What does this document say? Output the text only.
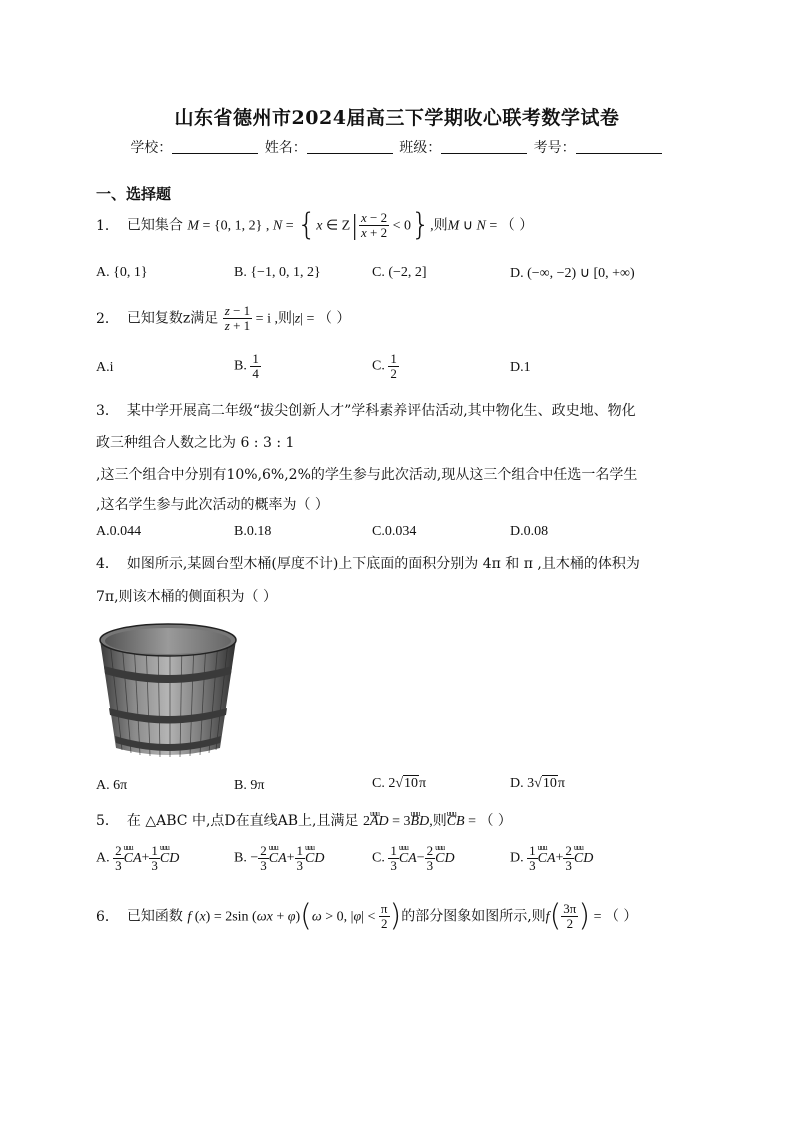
山东省德州市2024届高三下学期收心联考数学试卷
学校：	姓名：	班级：	考号：
一、选择题
1． 已知集合 M = {0, 1, 2} , N = {x ∈ $Z| \frac{x - 2}{x + 2} < 0$},则M ∪ N = （ ）
A. {0, 1}	B. {−1, 0, 1, 2}	C. (−2, 2]	D. (−∞, −2) ∪ [0, +∞)
2． 已知复数z满足 $\frac{z - 1}{z + 1} = i$ ,则|z| = （ ）
A.i	B. $\frac{1}{4}$	C. $\frac{1}{2}$	D.1
3． 某中学开展高二年级“拔尖创新人才”学科素养评估活动,其中物化生、政史地、物化
政三种组合人数之比为 6 : 3 : 1
,这三个组合中分别有10%,6%,2%的学生参与此次活动,现从这三个组合中任选一名学生
,这名学生参与此次活动的概率为（ ）
A.0.044	B.0.18	C.0.034	D.0.08
4． 如图所示,某圆台型木桶(厚度不计)上下底面的面积分别为 4π 和 π ,且木桶的体积为
7π,则该木桶的侧面积为（ ）
A. 6π	B. 9π	C. 2√10π	D. 3√10π
5． 在 △ABC 中,点D在直线AB上,且满足 2uuu AD = 3uuu BD,则uuu CB = （ ）
A. $\frac{2}{3}$ uuu $CA+ \frac{1}{3}$ uuu CD	B. − $\frac{2}{3}$ uuu $CA+ \frac{1}{3}$ uuu CD	C. $\frac{1}{3}$ uuu $CA- \frac{2}{3}$ uuu CD	D. $\frac{1}{3}$ uuu $CA+ \frac{2}{3}$ uuu CD
6． 已知函数 f (x) = 2sin (ωx + φ)(ω > 0, $|\varphi| < \frac{\pi}{2}$ )的部分图象如图所示,则$f( \frac{3\pi}{2}$ ) = （ ）
